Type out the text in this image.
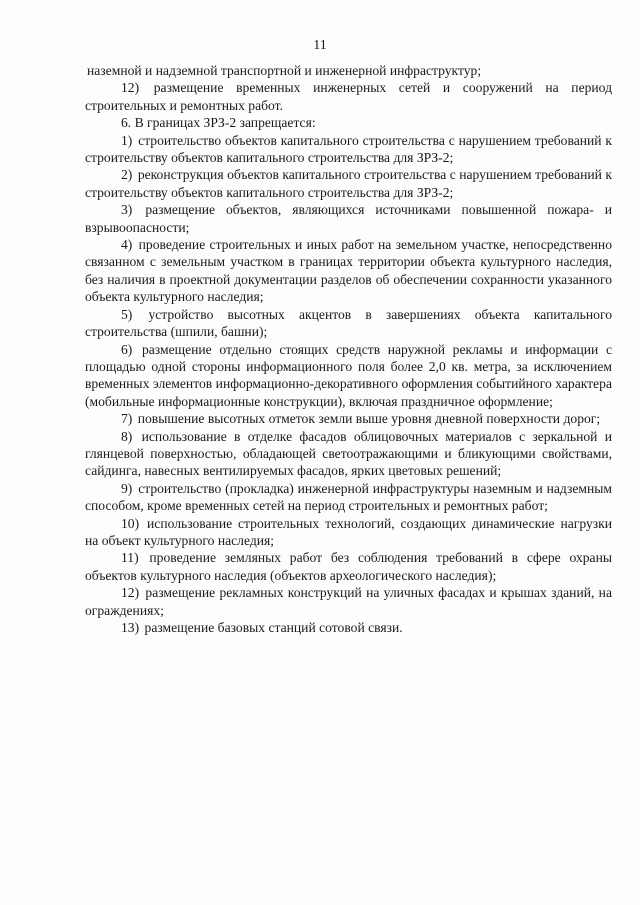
11

наземной и надземной транспортной и инженерной инфраструктур;

12) размещение временных инженерных сетей и сооружений на период строительных и ремонтных работ.

6. В границах ЗРЗ-2 запрещается:

1) строительство объектов капитального строительства с нарушением требований к строительству объектов капитального строительства для ЗРЗ-2;

2) реконструкция объектов капитального строительства с нарушением требований к строительству объектов капитального строительства для ЗРЗ-2;

3) размещение объектов, являющихся источниками повышенной пожара- и взрывоопасности;

4) проведение строительных и иных работ на земельном участке, непосредственно связанном с земельным участком в границах территории объекта культурного наследия, без наличия в проектной документации разделов об обеспечении сохранности указанного объекта культурного наследия;

5) устройство высотных акцентов в завершениях объекта капитального строительства (шпили, башни);

6) размещение отдельно стоящих средств наружной рекламы и информации с площадью одной стороны информационного поля более 2,0 кв. метра, за исключением временных элементов информационно-декоративного оформления событийного характера (мобильные информационные конструкции), включая праздничное оформление;

7) повышение высотных отметок земли выше уровня дневной поверхности дорог;

8) использование в отделке фасадов облицовочных материалов с зеркальной и глянцевой поверхностью, обладающей светоотражающими и бликующими свойствами, сайдинга, навесных вентилируемых фасадов, ярких цветовых решений;

9) строительство (прокладка) инженерной инфраструктуры наземным и надземным способом, кроме временных сетей на период строительных и ремонтных работ;

10) использование строительных технологий, создающих динамические нагрузки на объект культурного наследия;

11) проведение земляных работ без соблюдения требований в сфере охраны объектов культурного наследия (объектов археологического наследия);

12) размещение рекламных конструкций на уличных фасадах и крышах зданий, на ограждениях;

13) размещение базовых станций сотовой связи.
